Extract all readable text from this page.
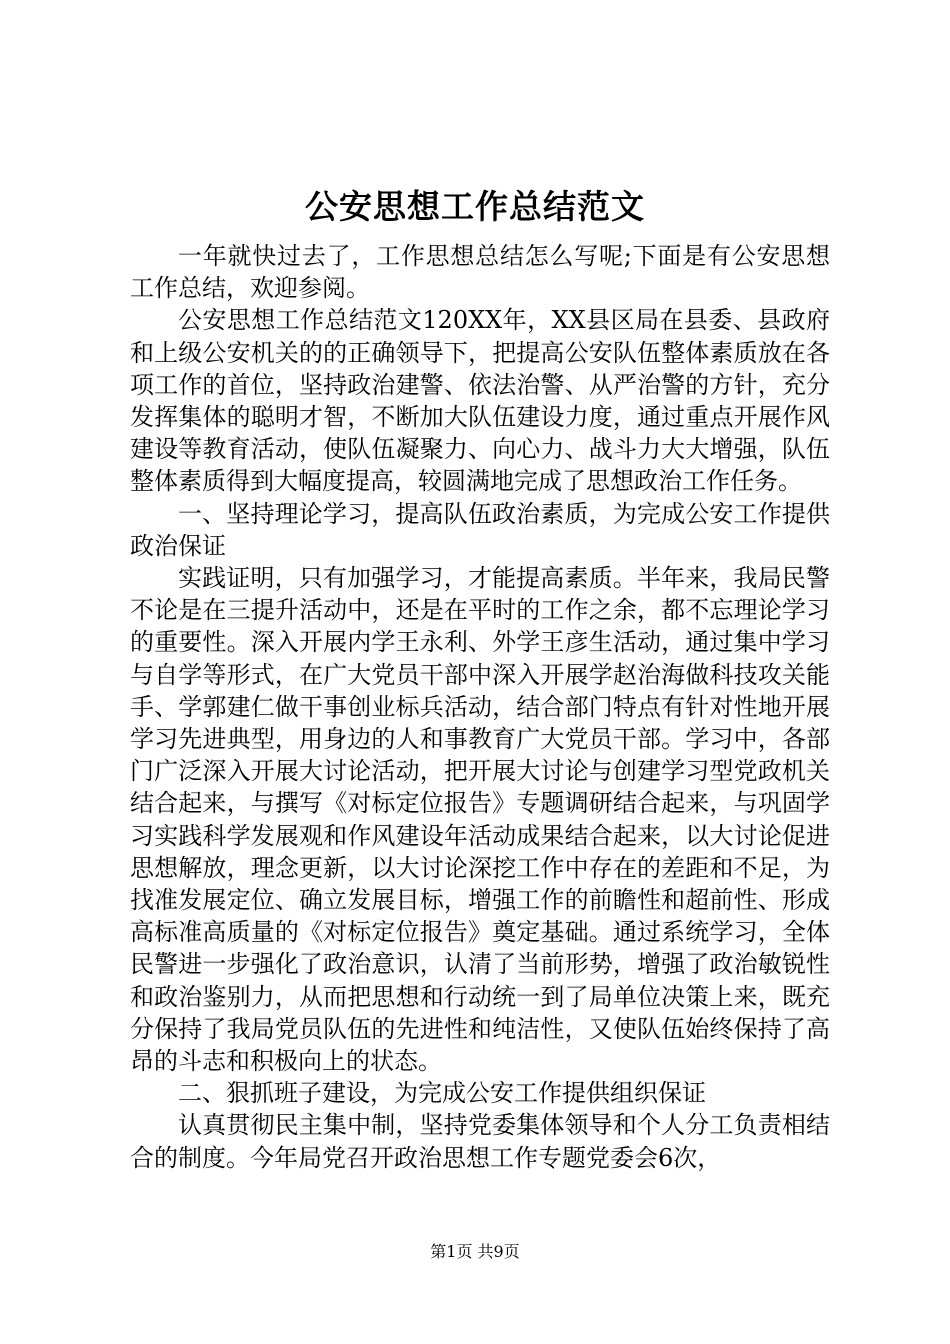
公安思想工作总结范文

一年就快过去了，工作思想总结怎么写呢;下面是有公安思想工作总结，欢迎参阅。

公安思想工作总结范文120XX年，XX县区局在县委、县政府和上级公安机关的的正确领导下，把提高公安队伍整体素质放在各项工作的首位，坚持政治建警、依法治警、从严治警的方针，充分发挥集体的聪明才智，不断加大队伍建设力度，通过重点开展作风建设等教育活动，使队伍凝聚力、向心力、战斗力大大增强，队伍整体素质得到大幅度提高，较圆满地完成了思想政治工作任务。

一、坚持理论学习，提高队伍政治素质，为完成公安工作提供政治保证

实践证明，只有加强学习，才能提高素质。半年来，我局民警不论是在三提升活动中，还是在平时的工作之余，都不忘理论学习的重要性。深入开展内学王永利、外学王彦生活动，通过集中学习与自学等形式，在广大党员干部中深入开展学赵治海做科技攻关能手、学郭建仁做干事创业标兵活动，结合部门特点有针对性地开展学习先进典型，用身边的人和事教育广大党员干部。学习中，各部门广泛深入开展大讨论活动，把开展大讨论与创建学习型党政机关结合起来，与撰写《对标定位报告》专题调研结合起来，与巩固学习实践科学发展观和作风建设年活动成果结合起来，以大讨论促进思想解放，理念更新，以大讨论深挖工作中存在的差距和不足，为找准发展定位、确立发展目标，增强工作的前瞻性和超前性、形成高标准高质量的《对标定位报告》奠定基础。通过系统学习，全体民警进一步强化了政治意识，认清了当前形势，增强了政治敏锐性和政治鉴别力，从而把思想和行动统一到了局单位决策上来，既充分保持了我局党员队伍的先进性和纯洁性，又使队伍始终保持了高昂的斗志和积极向上的状态。

二、狠抓班子建设，为完成公安工作提供组织保证

认真贯彻民主集中制，坚持党委集体领导和个人分工负责相结合的制度。今年局党召开政治思想工作专题党委会6次，

第1页 共9页
